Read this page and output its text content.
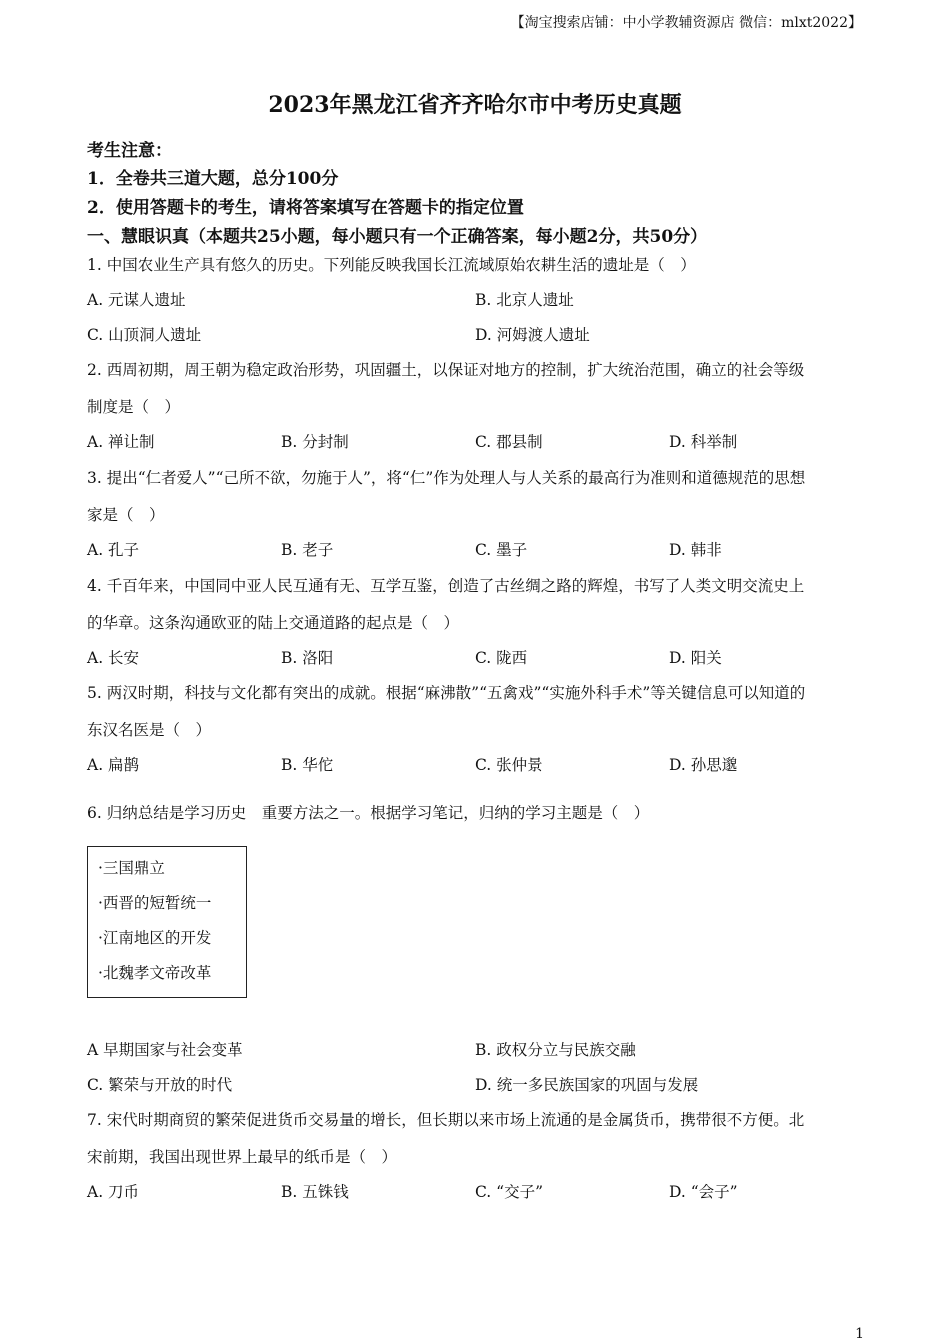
【淘宝搜索店铺：中小学教辅资源店 微信：mlxt2022】
2023年黑龙江省齐齐哈尔市中考历史真题
考生注意：
1．全卷共三道大题，总分100分
2．使用答题卡的考生，请将答案填写在答题卡的指定位置
一、慧眼识真（本题共25小题，每小题只有一个正确答案，每小题2分，共50分）
1. 中国农业生产具有悠久的历史。下列能反映我国长江流域原始农耕生活的遗址是（　）
A. 元谋人遗址	B. 北京人遗址
C. 山顶洞人遗址	D. 河姆渡人遗址
2. 西周初期，周王朝为稳定政治形势，巩固疆土，以保证对地方的控制，扩大统治范围，确立的社会等级
制度是（　）
A. 禅让制	B. 分封制	C. 郡县制	D. 科举制
3. 提出“仁者爱人”“己所不欲，勿施于人”，将“仁”作为处理人与人关系的最高行为准则和道德规范的思想
家是（　）
A. 孔子	B. 老子	C. 墨子	D. 韩非
4. 千百年来，中国同中亚人民互通有无、互学互鉴，创造了古丝绸之路的辉煌，书写了人类文明交流史上
的华章。这条沟通欧亚的陆上交通道路的起点是（　）
A. 长安	B. 洛阳	C. 陇西	D. 阳关
5. 两汉时期，科技与文化都有突出的成就。根据“麻沸散”“五禽戏”“实施外科手术”等关键信息可以知道的
东汉名医是（　）
A. 扁鹊	B. 华佗	C. 张仲景	D. 孙思邈
6. 归纳总结是学习历史　重要方法之一。根据学习笔记，归纳的学习主题是（　）
·三国鼎立
·西晋的短暂统一
·江南地区的开发
·北魏孝文帝改革
A 早期国家与社会变革	B. 政权分立与民族交融
C. 繁荣与开放的时代	D. 统一多民族国家的巩固与发展
7. 宋代时期商贸的繁荣促进货币交易量的增长，但长期以来市场上流通的是金属货币，携带很不方便。北
宋前期，我国出现世界上最早的纸币是（　）
A. 刀币	B. 五铢钱	C. “交子”	D. “会子”
1
